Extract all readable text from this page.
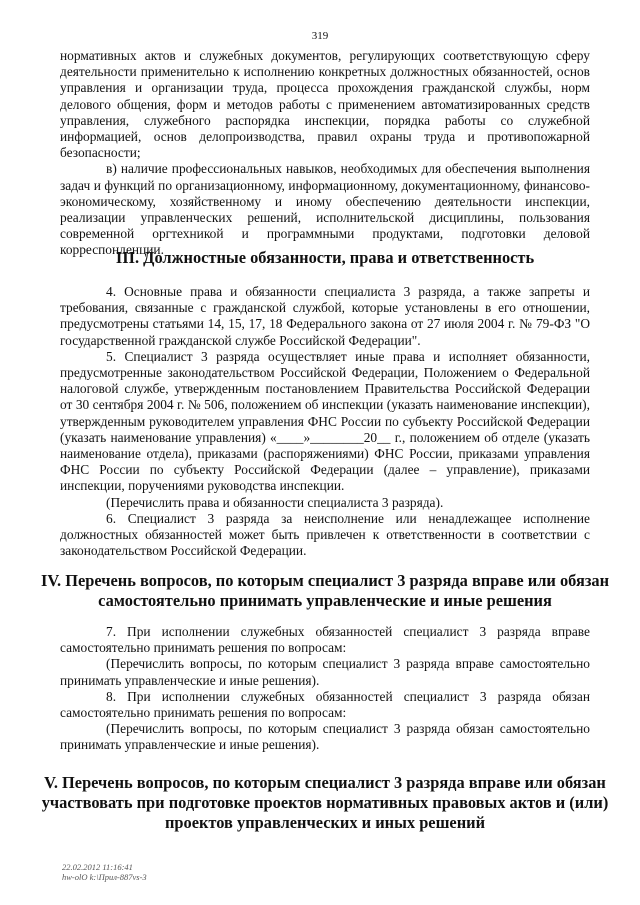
319

нормативных актов и служебных документов, регулирующих соответствующую сферу деятельности применительно к исполнению конкретных должностных обязанностей, основ управления и организации труда, процесса прохождения гражданской службы, норм делового общения, форм и методов работы с применением автоматизированных средств управления, служебного распорядка инспекции, порядка работы со служебной информацией, основ делопроизводства, правил охраны труда и противопожарной безопасности;

в) наличие профессиональных навыков, необходимых для обеспечения выполнения задач и функций по организационному, информационному, документационному, финансово-экономическому, хозяйственному и иному обеспечению деятельности инспекции, реализации управленческих решений, исполнительской дисциплины, пользования современной оргтехникой и программными продуктами, подготовки деловой корреспонденции.

III. Должностные обязанности, права и ответственность

4. Основные права и обязанности специалиста 3 разряда, а также запреты и требования, связанные с гражданской службой, которые установлены в его отношении, предусмотрены статьями 14, 15, 17, 18 Федерального закона от 27 июля 2004 г. № 79-ФЗ "О государственной гражданской службе Российской Федерации".

5. Специалист 3 разряда осуществляет иные права и исполняет обязанности, предусмотренные законодательством Российской Федерации, Положением о Федеральной налоговой службе, утвержденным постановлением Правительства Российской Федерации от 30 сентября 2004 г. № 506, положением об инспекции (указать наименование инспекции), утвержденным руководителем управления ФНС России по субъекту Российской Федерации (указать наименование управления) «____»________20__ г., положением об отделе (указать наименование отдела), приказами (распоряжениями) ФНС России, приказами управления ФНС России по субъекту Российской Федерации (далее – управление), приказами инспекции, поручениями руководства инспекции.

(Перечислить права и обязанности специалиста 3 разряда).

6. Специалист 3 разряда за неисполнение или ненадлежащее исполнение должностных обязанностей может быть привлечен к ответственности в соответствии с законодательством Российской Федерации.

IV. Перечень вопросов, по которым специалист 3 разряда вправе или обязан самостоятельно принимать управленческие и иные решения

7. При исполнении служебных обязанностей специалист 3 разряда вправе самостоятельно принимать решения по вопросам:

(Перечислить вопросы, по которым специалист 3 разряда вправе самостоятельно принимать управленческие и иные решения).

8. При исполнении служебных обязанностей специалист 3 разряда обязан самостоятельно принимать решения по вопросам:

(Перечислить вопросы, по которым специалист 3 разряда обязан самостоятельно принимать управленческие и иные решения).

V. Перечень вопросов, по которым специалист 3 разряда вправе или обязан участвовать при подготовке проектов нормативных правовых актов и (или) проектов управленческих и иных решений
22.02.2012 11:16:41
hw-olO k:\Прил-887vs-3
